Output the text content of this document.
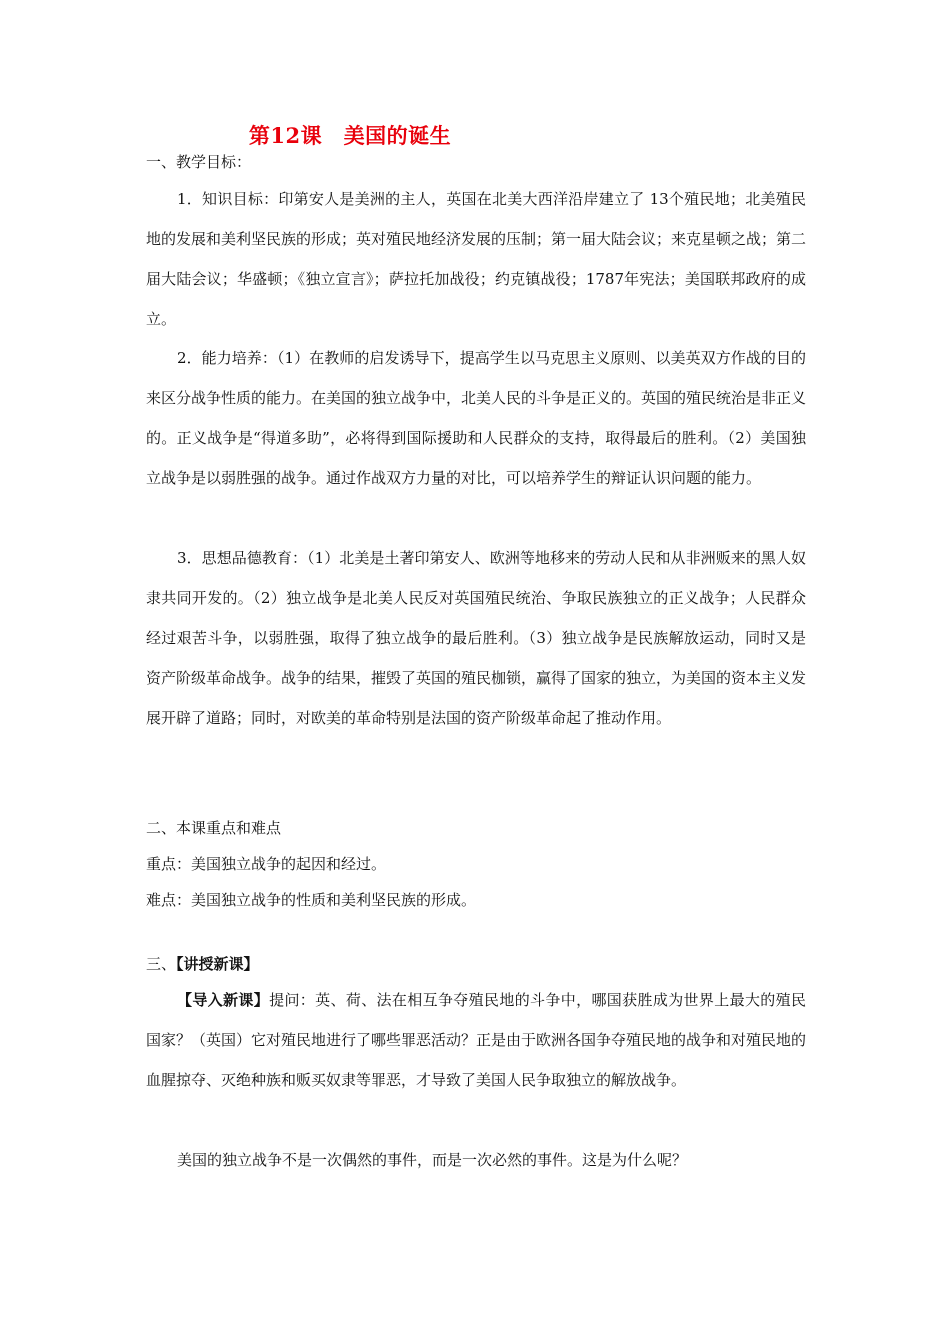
第12课　美国的诞生
一、教学目标：
1．知识目标：印第安人是美洲的主人，英国在北美大西洋沿岸建立了 13个殖民地；北美殖民地的发展和美利坚民族的形成；英对殖民地经济发展的压制；第一届大陆会议；来克星顿之战；第二届大陆会议；华盛顿；《独立宣言》；萨拉托加战役；约克镇战役；1787年宪法；美国联邦政府的成立。
2．能力培养：（1）在教师的启发诱导下，提高学生以马克思主义原则、以美英双方作战的目的来区分战争性质的能力。在美国的独立战争中，北美人民的斗争是正义的。英国的殖民统治是非正义的。正义战争是“得道多助”，必将得到国际援助和人民群众的支持，取得最后的胜利。（2）美国独立战争是以弱胜强的战争。通过作战双方力量的对比，可以培养学生的辩证认识问题的能力。
3．思想品德教育：（1）北美是土著印第安人、欧洲等地移来的劳动人民和从非洲贩来的黑人奴隶共同开发的。（2）独立战争是北美人民反对英国殖民统治、争取民族独立的正义战争；人民群众经过艰苦斗争，以弱胜强，取得了独立战争的最后胜利。（3）独立战争是民族解放运动，同时又是资产阶级革命战争。战争的结果，摧毁了英国的殖民枷锁，赢得了国家的独立，为美国的资本主义发展开辟了道路；同时，对欧美的革命特别是法国的资产阶级革命起了推动作用。
二、本课重点和难点
重点：美国独立战争的起因和经过。
难点：美国独立战争的性质和美利坚民族的形成。
三、【讲授新课】
【导入新课】提问：英、荷、法在相互争夺殖民地的斗争中，哪国获胜成为世界上最大的殖民国家？（英国）它对殖民地进行了哪些罪恶活动？正是由于欧洲各国争夺殖民地的战争和对殖民地的血腥掠夺、灭绝种族和贩买奴隶等罪恶，才导致了美国人民争取独立的解放战争。
美国的独立战争不是一次偶然的事件，而是一次必然的事件。这是为什么呢？
